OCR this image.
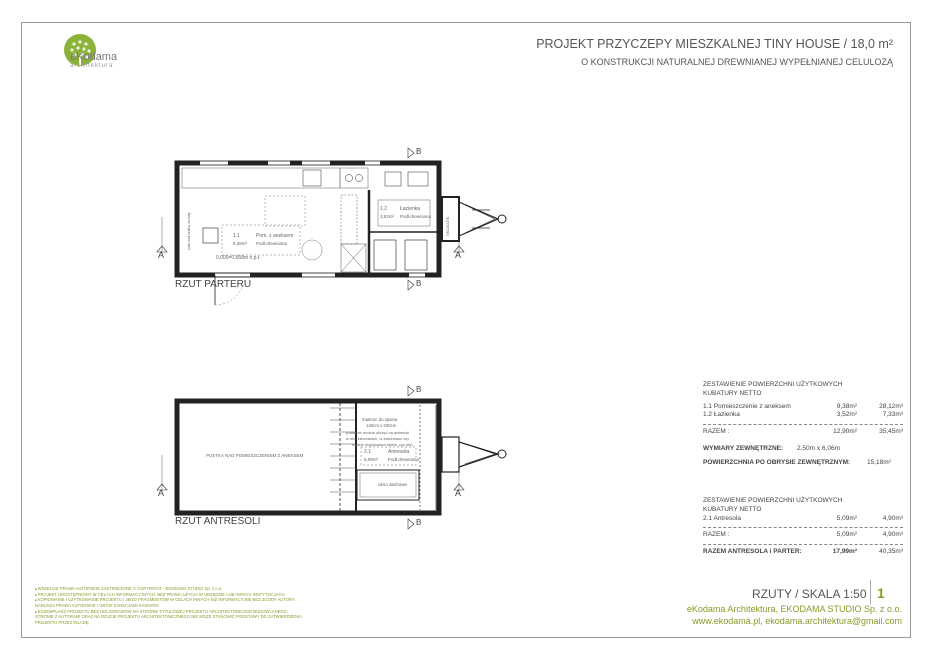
eKodama
architektura
PROJEKT PRZYCZEPY MIESZKALNEJ TINY HOUSE / 18,0 m²
O KONSTRUKCJI NATURALNEJ DREWNIANEJ WYPEŁNIANEJ CELULOZĄ
1.1	Pom. z aneksem
9,38m² Podł.drewniana
0,000=0,668m n.p.t.
1.2	Łazienka
3,52m² Podł.drewniana
SKŁADZIK
półki nad szafką na buty
PUSTKA NAD POMIESZCZENIEM Z ANEKSEM
materac do spania
140cm x 200cm
(materac można ułożyć na antresoli
w obu kierunkach, w zależności czy
będzie regulowana strefa, czy nie)
2.1	Antresola
5,09m² Podł.drewniana
okno dachowe
A	A
B
B
A	A
B
B
RZUT PARTERU
RZUT ANTRESOLI
ZESTAWIENIE POWIERZCHNI UŻYTKOWYCH KUBATURY NETTO
1.1 Pomieszczenie z aneksem	9,38m²	28,12m³
1.2 Łazienka	3,52m²	7,33m³
RAZEM :	12,90m²	35,45m³
WYMIARY ZEWNĘTRZNE:	2,50m x 6,06m
POWIERZCHNIA PO OBRYSIE ZEWNĘTRZNYM:	15,18m²
ZESTAWIENIE POWIERZCHNI UŻYTKOWYCH KUBATURY NETTO
2.1 Antresola	5,09m²	4,90m³
RAZEM :	5,09m²	4,90m³
RAZEM ANTRESOLA i PARTER:	17,99m²	40,35m³
■ WSZELKIE PRAWA AUTORSKIE ZASTRZEŻONE © COPYRIGHT - EKODAMA STUDIO Sp. z o.o.
■ PROJEKT UDOSTĘPNIONY W CELACH INFORMACYJNYCH, BEZ PRAWA UŻYCIA W URZĘDZIE LUB INNYCH INSTYTUCJACH
■ KOPIOWANIE I UŻYTKOWANIE PROJEKTU I JEGO FRAGMENTÓW W CELACH INNYCH NIŻ INFORMACYJNE BEZ ZGODY AUTORA NARUSZA PRAWA AUTORSKIE I GROZI SANKCJAMI KARNYMI.
■ EGZEMPLARZ PROJEKTU BEZ HOLOGRAMÓW NA STRONIE TYTUŁOWEJ PROJEKTU ARCHITEKTONICZNO-BUDOWLANEGO, STRONIE Z AUTORAMI ORAZ NA RZUCIE PROJEKTU ARCHITEKTONICZNEGO NIE MOŻE STANOWIĆ PODSTAWY DO ZATWIERDZENIA PROJEKTU PRZEZ INLADĘ.
RZUTY / SKALA 1:50 1
eKodama Architektura, EKODAMA STUDIO Sp. z o.o.
www.ekodama.pl, ekodama.architektura@gmail.com
